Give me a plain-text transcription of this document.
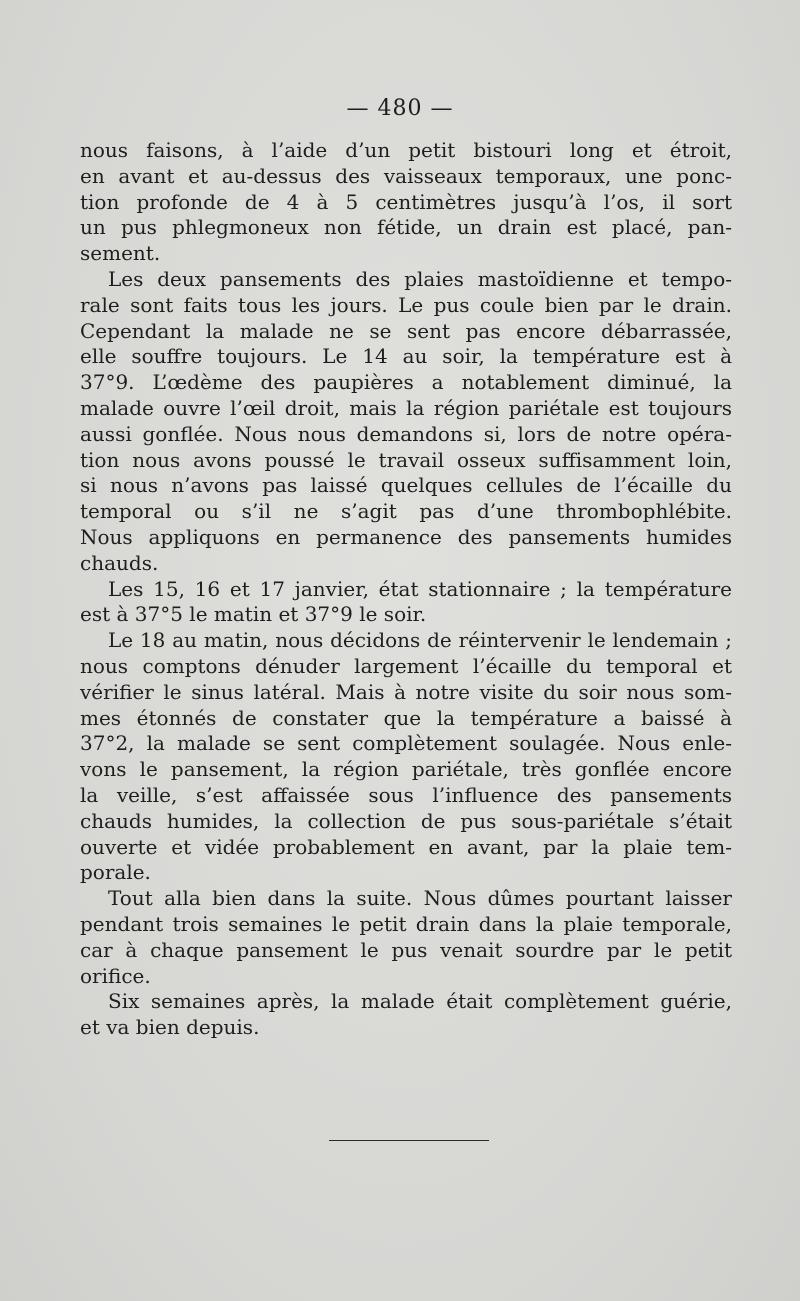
— 480 —
nous faisons, à l’aide d’un petit bistouri long et étroit,
en avant et au-dessus des vaisseaux temporaux, une ponc-
tion profonde de 4 à 5 centimètres jusqu’à l’os, il sort
un pus phlegmoneux non fétide, un drain est placé, pan-
sement.
Les deux pansements des plaies mastoïdienne et tempo-
rale sont faits tous les jours. Le pus coule bien par le drain.
Cependant la malade ne se sent pas encore débarrassée,
elle souffre toujours. Le 14 au soir, la température est à
37°9. L’œdème des paupières a notablement diminué, la
malade ouvre l’œil droit, mais la région pariétale est toujours
aussi gonflée. Nous nous demandons si, lors de notre opéra-
tion nous avons poussé le travail osseux suffisamment loin,
si nous n’avons pas laissé quelques cellules de l’écaille du
temporal ou s’il ne s’agit pas d’une thrombophlébite.
Nous appliquons en permanence des pansements humides
chauds.
Les 15, 16 et 17 janvier, état stationnaire ; la température
est à 37°5 le matin et 37°9 le soir.
Le 18 au matin, nous décidons de réintervenir le lendemain ;
nous comptons dénuder largement l’écaille du temporal et
vérifier le sinus latéral. Mais à notre visite du soir nous som-
mes étonnés de constater que la température a baissé à
37°2, la malade se sent complètement soulagée. Nous enle-
vons le pansement, la région pariétale, très gonflée encore
la veille, s’est affaissée sous l’influence des pansements
chauds humides, la collection de pus sous-pariétale s’était
ouverte et vidée probablement en avant, par la plaie tem-
porale.
Tout alla bien dans la suite. Nous dûmes pourtant laisser
pendant trois semaines le petit drain dans la plaie temporale,
car à chaque pansement le pus venait sourdre par le petit
orifice.
Six semaines après, la malade était complètement guérie,
et va bien depuis.
